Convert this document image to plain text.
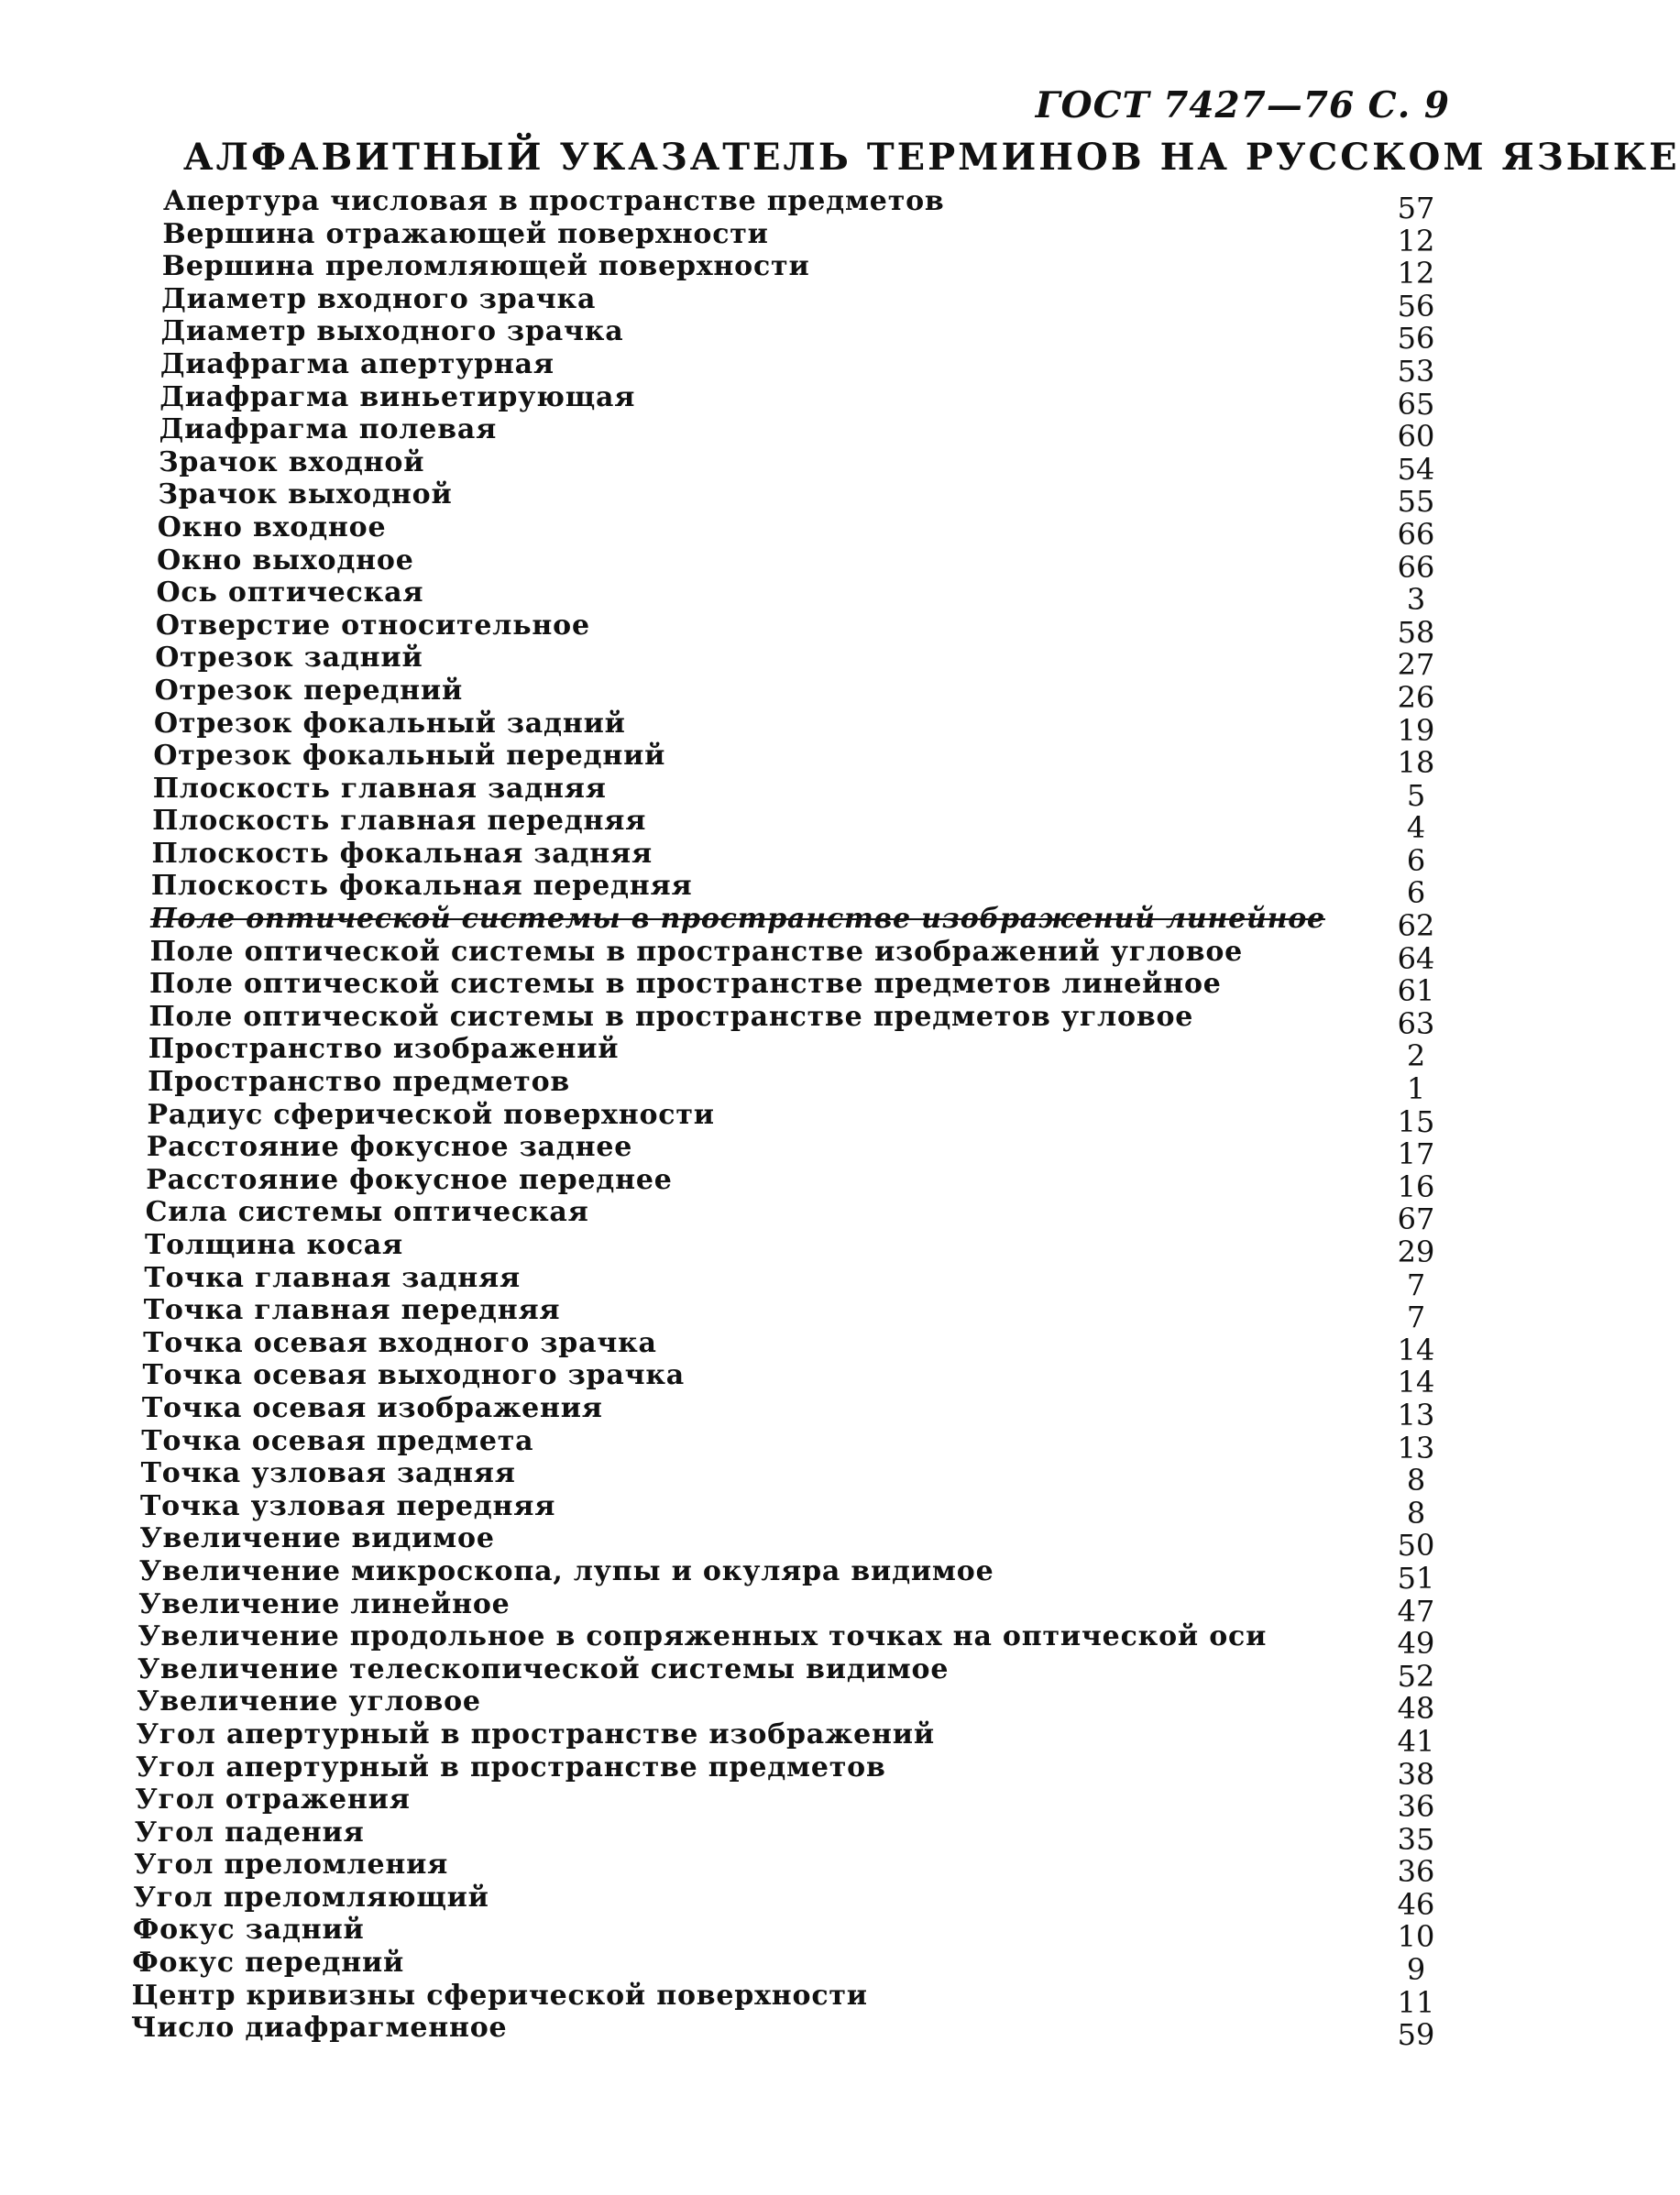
ГОСТ 7427—76 С. 9
АЛФАВИТНЫЙ УКАЗАТЕЛЬ ТЕРМИНОВ НА РУССКОМ ЯЗЫКЕ
Апертура числовая в пространстве предметов	57
Вершина отражающей поверхности	12
Вершина преломляющей поверхности	12
Диаметр входного зрачка	56
Диаметр выходного зрачка	56
Диафрагма апертурная	53
Диафрагма виньетирующая	65
Диафрагма полевая	60
Зрачок входной	54
Зрачок выходной	55
Окно входное	66
Окно выходное	66
Ось оптическая	3
Отверстие относительное	58
Отрезок задний	27
Отрезок передний	26
Отрезок фокальный задний	19
Отрезок фокальный передний	18
Плоскость главная задняя	5
Плоскость главная передняя	4
Плоскость фокальная задняя	6
Плоскость фокальная передняя	6
Поле оптической системы в пространстве изображений линейное	62
Поле оптической системы в пространстве изображений угловое	64
Поле оптической системы в пространстве предметов линейное	61
Поле оптической системы в пространстве предметов угловое	63
Пространство изображений	2
Пространство предметов	1
Радиус сферической поверхности	15
Расстояние фокусное заднее	17
Расстояние фокусное переднее	16
Сила системы оптическая	67
Толщина косая	29
Точка главная задняя	7
Точка главная передняя	7
Точка осевая входного зрачка	14
Точка осевая выходного зрачка	14
Точка осевая изображения	13
Точка осевая предмета	13
Точка узловая задняя	8
Точка узловая передняя	8
Увеличение видимое	50
Увеличение микроскопа, лупы и окуляра видимое	51
Увеличение линейное	47
Увеличение продольное в сопряженных точках на оптической оси	49
Увеличение телескопической системы видимое	52
Увеличение угловое	48
Угол апертурный в пространстве изображений	41
Угол апертурный в пространстве предметов	38
Угол отражения	36
Угол падения	35
Угол преломления	36
Угол преломляющий	46
Фокус задний	10
Фокус передний	9
Центр кривизны сферической поверхности	11
Число диафрагменное	59
